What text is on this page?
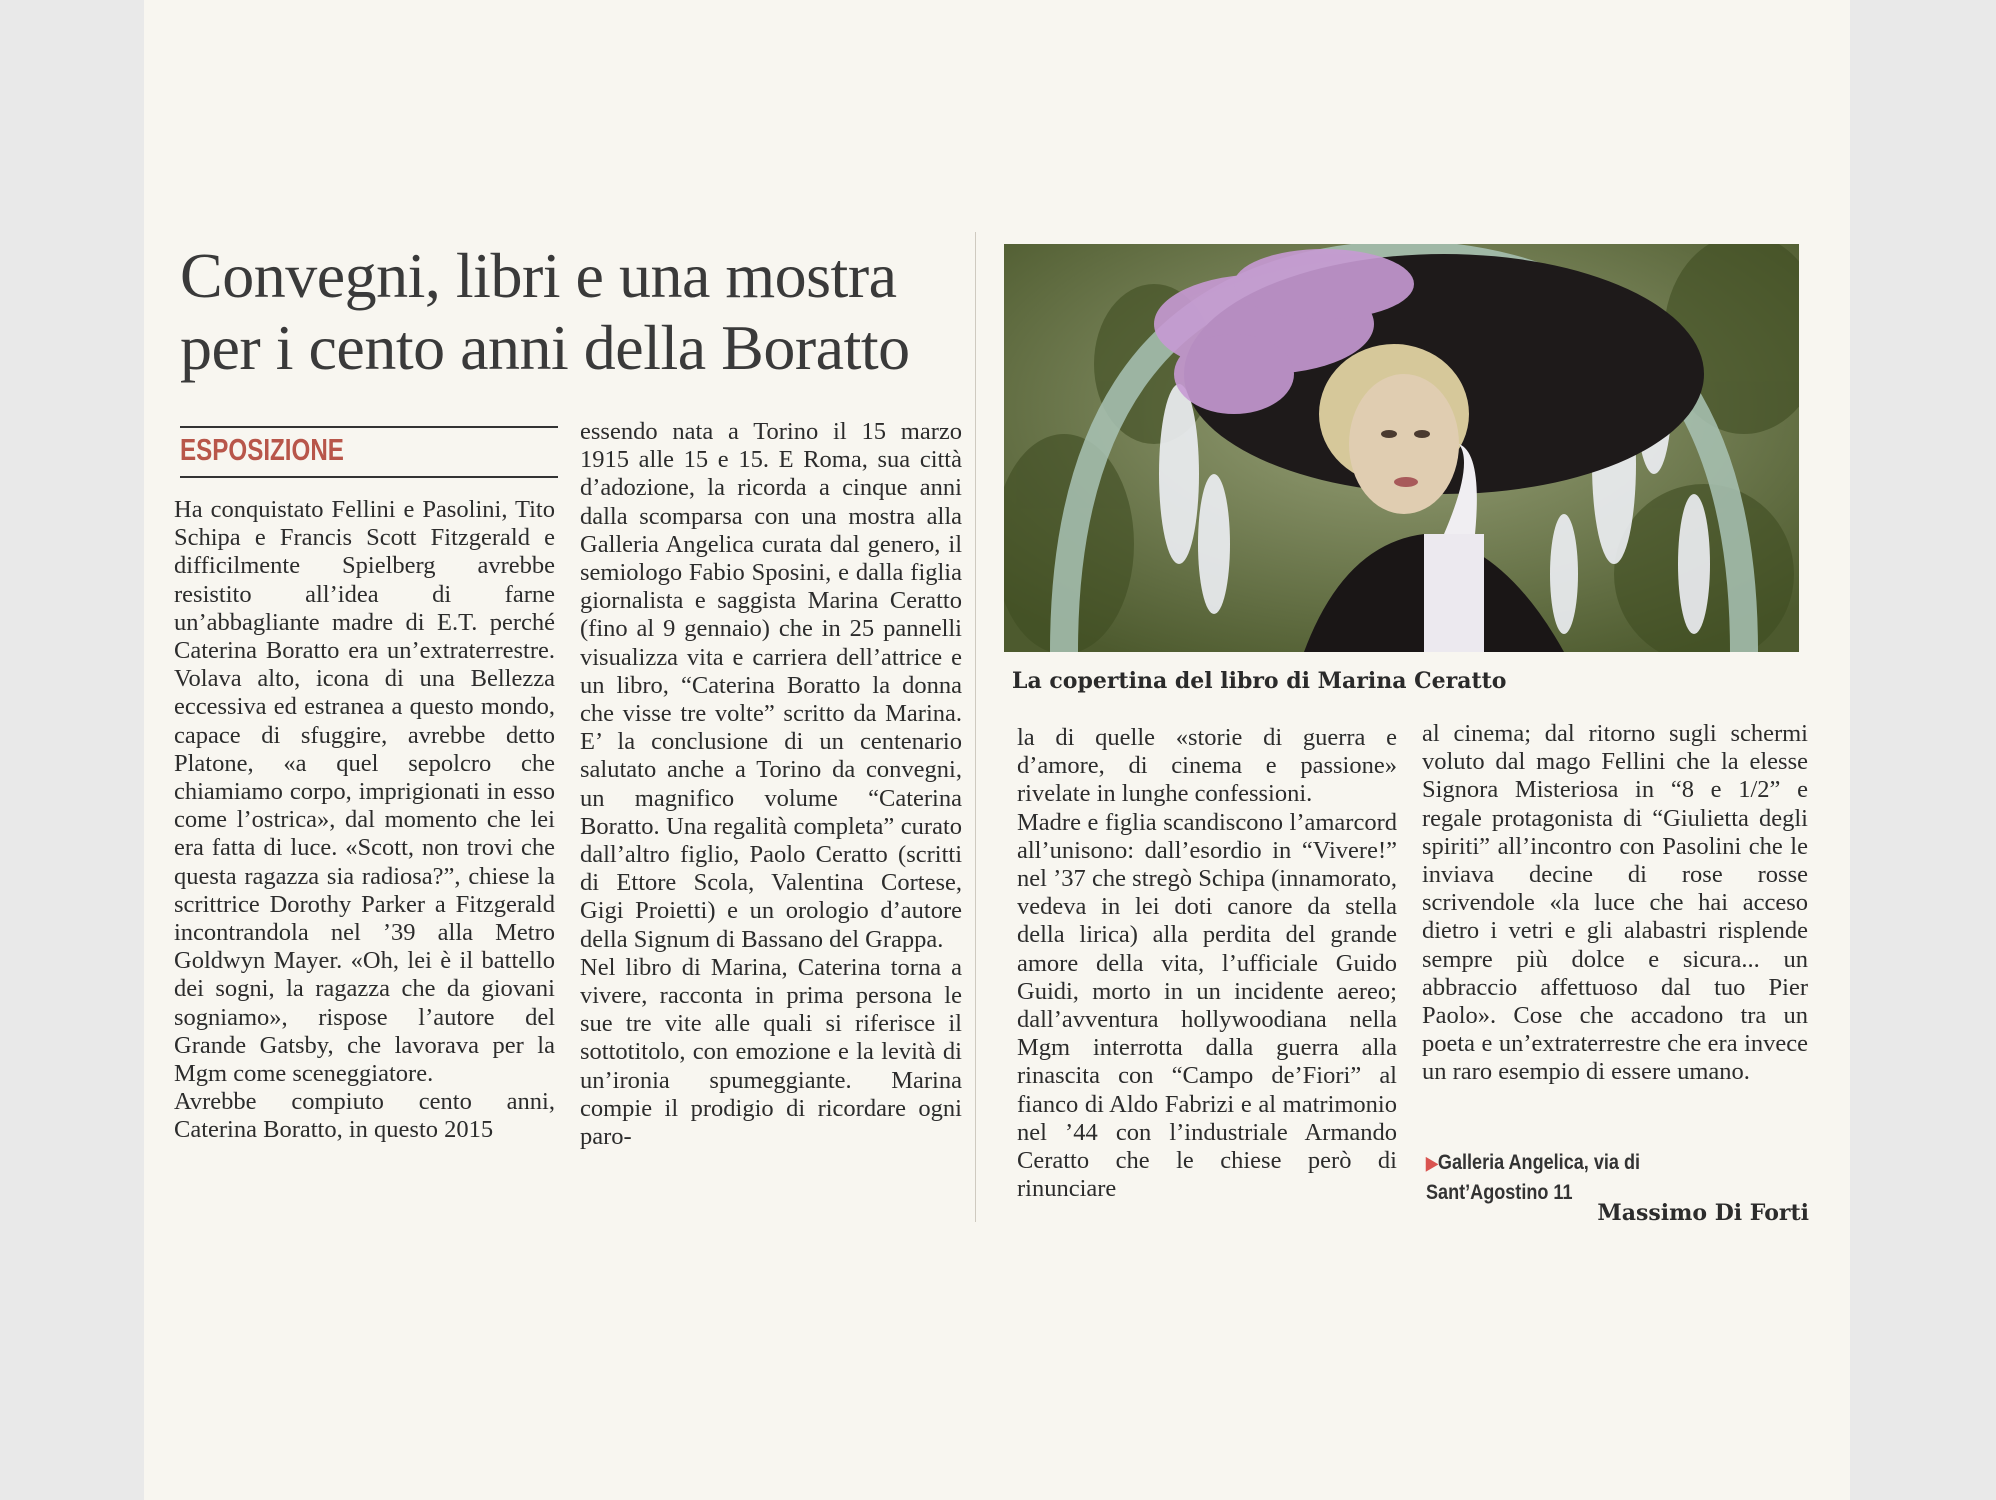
Convegni, libri e una mostra
per i cento anni della Boratto
ESPOSIZIONE

Ha conquistato Fellini e Pasolini, Tito Schipa e Francis Scott Fitzgerald e difficilmente Spielberg avrebbe resistito all’idea di farne un’abbagliante madre di E.T. perché Caterina Boratto era un’extraterrestre. Volava alto, icona di una Bellezza eccessiva ed estranea a questo mondo, capace di sfuggire, avrebbe detto Platone, «a quel sepolcro che chiamiamo corpo, imprigionati in esso come l’ostrica», dal momento che lei era fatta di luce. «Scott, non trovi che questa ragazza sia radiosa?”, chiese la scrittrice Dorothy Parker a Fitzgerald incontrandola nel ’39 alla Metro Goldwyn Mayer. «Oh, lei è il battello dei sogni, la ragazza che da giovani sogniamo», rispose l’autore del Grande Gatsby, che lavorava per la Mgm come sceneggiatore.
Avrebbe compiuto cento anni, Caterina Boratto, in questo 2015

essendo nata a Torino il 15 marzo 1915 alle 15 e 15. E Roma, sua città d’adozione, la ricorda a cinque anni dalla scomparsa con una mostra alla Galleria Angelica curata dal genero, il semiologo Fabio Sposini, e dalla figlia giornalista e saggista Marina Ceratto (fino al 9 gennaio) che in 25 pannelli visualizza vita e carriera dell’attrice e un libro, “Caterina Boratto la donna che visse tre volte” scritto da Marina. E’ la conclusione di un centenario salutato anche a Torino da convegni, un magnifico volume “Caterina Boratto. Una regalità completa” curato dall’altro figlio, Paolo Ceratto (scritti di Ettore Scola, Valentina Cortese, Gigi Proietti) e un orologio d’autore della Signum di Bassano del Grappa.
Nel libro di Marina, Caterina torna a vivere, racconta in prima persona le sue tre vite alle quali si riferisce il sottotitolo, con emozione e la levità di un’ironia spumeggiante. Marina compie il prodigio di ricordare ogni paro-

La copertina del libro di Marina Ceratto

la di quelle «storie di guerra e d’amore, di cinema e passione» rivelate in lunghe confessioni.
Madre e figlia scandiscono l’amarcord all’unisono: dall’esordio in “Vivere!” nel ’37 che stregò Schipa (innamorato, vedeva in lei doti canore da stella della lirica) alla perdita del grande amore della vita, l’ufficiale Guido Guidi, morto in un incidente aereo; dall’avventura hollywoodiana nella Mgm interrotta dalla guerra alla rinascita con “Campo de’Fiori” al fianco di Aldo Fabrizi e al matrimonio nel ’44 con l’industriale Armando Ceratto che le chiese però di rinunciare

al cinema; dal ritorno sugli schermi voluto dal mago Fellini che la elesse Signora Misteriosa in “8 e 1/2” e regale protagonista di “Giulietta degli spiriti” all’incontro con Pasolini che le inviava decine di rose rosse scrivendole «la luce che hai acceso dietro i vetri e gli alabastri risplende sempre più dolce e sicura... un abbraccio affettuoso dal tuo Pier Paolo». Cose che accadono tra un poeta e un’extraterrestre che era invece un raro esempio di essere umano.

▶Galleria Angelica, via di
Sant’Agostino 11
Massimo Di Forti
